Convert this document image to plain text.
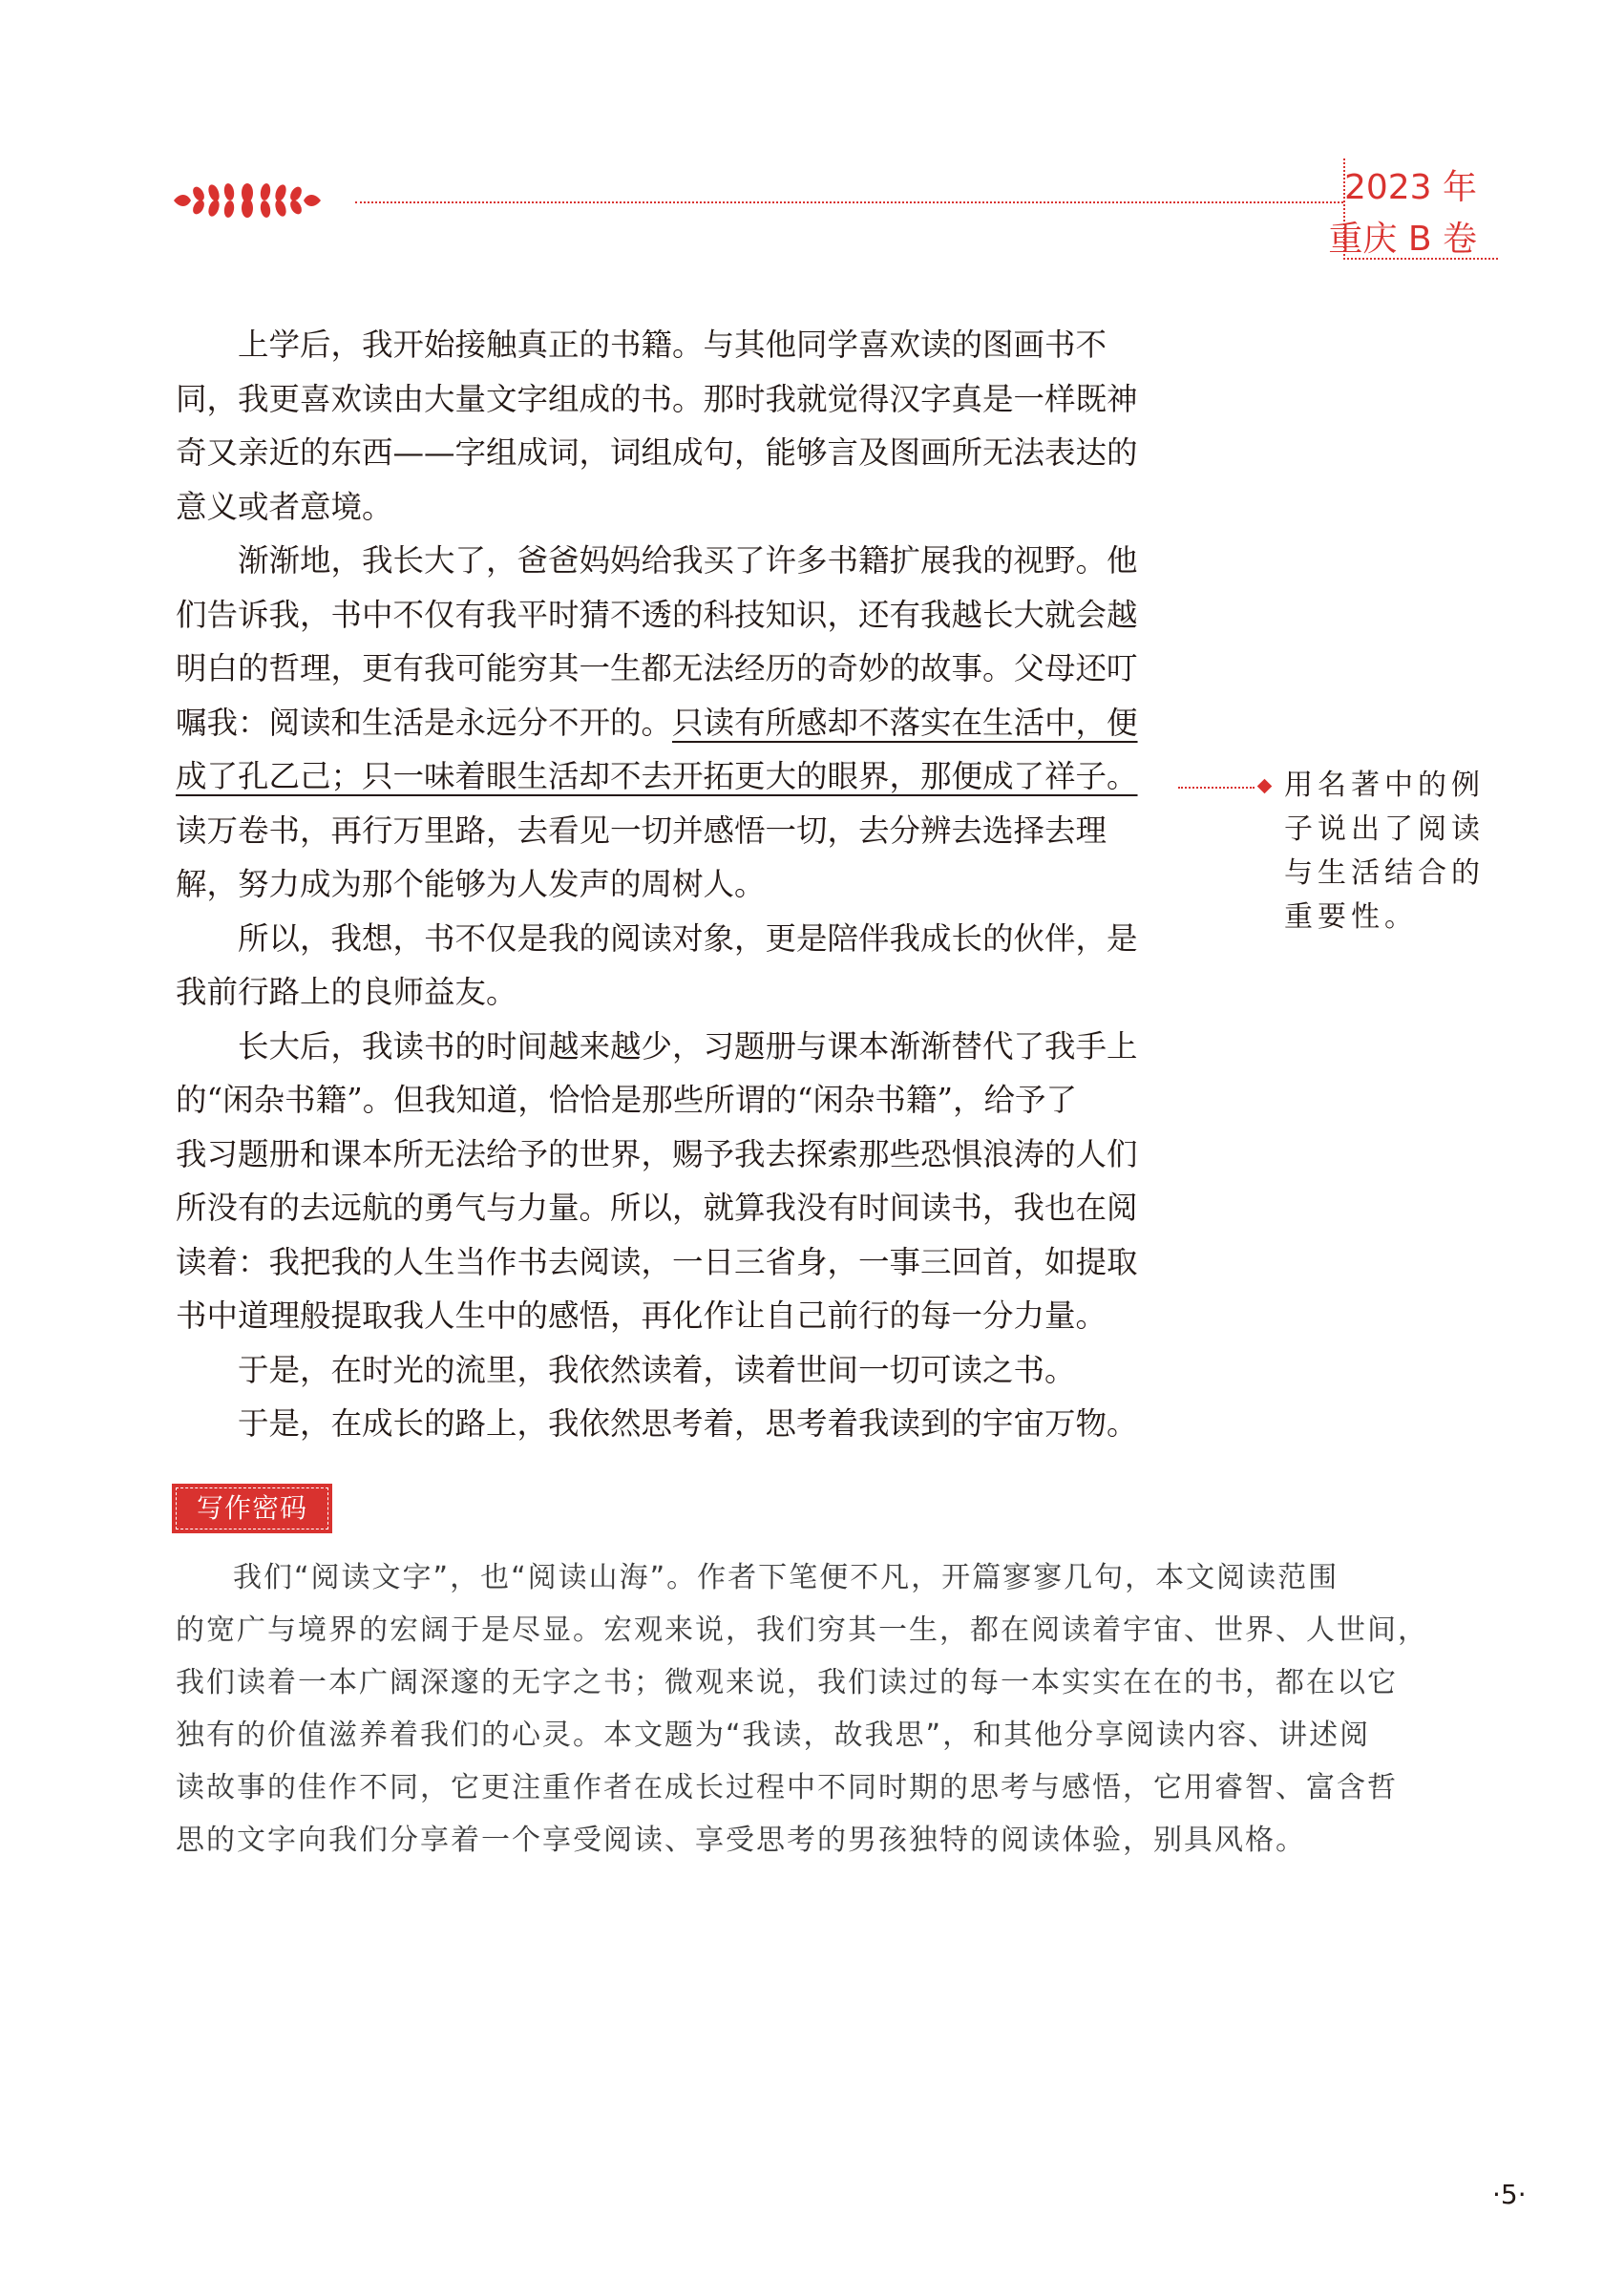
2023 年
重庆 B 卷

上学后，我开始接触真正的书籍。与其他同学喜欢读的图画书不

同，我更喜欢读由大量文字组成的书。那时我就觉得汉字真是一样既神

奇又亲近的东西——字组成词，词组成句，能够言及图画所无法表达的

意义或者意境。

渐渐地，我长大了，爸爸妈妈给我买了许多书籍扩展我的视野。他

们告诉我，书中不仅有我平时猜不透的科技知识，还有我越长大就会越

明白的哲理，更有我可能穷其一生都无法经历的奇妙的故事。父母还叮

嘱我：阅读和生活是永远分不开的。只读有所感却不落实在生活中，便

成了孔乙己；只一味着眼生活却不去开拓更大的眼界，那便成了祥子。

读万卷书，再行万里路，去看见一切并感悟一切，去分辨去选择去理

解，努力成为那个能够为人发声的周树人。

所以，我想，书不仅是我的阅读对象，更是陪伴我成长的伙伴，是

我前行路上的良师益友。

长大后，我读书的时间越来越少，习题册与课本渐渐替代了我手上

的“闲杂书籍”。但我知道，恰恰是那些所谓的“闲杂书籍”，给予了

我习题册和课本所无法给予的世界，赐予我去探索那些恐惧浪涛的人们

所没有的去远航的勇气与力量。所以，就算我没有时间读书，我也在阅

读着：我把我的人生当作书去阅读，一日三省身，一事三回首，如提取

书中道理般提取我人生中的感悟，再化作让自己前行的每一分力量。

于是，在时光的流里，我依然读着，读着世间一切可读之书。

于是，在成长的路上，我依然思考着，思考着我读到的宇宙万物。

用名著中的例
子说出了阅读
与生活结合的
重要性。
写作密码

我们“阅读文字”，也“阅读山海”。作者下笔便不凡，开篇寥寥几句，本文阅读范围

的宽广与境界的宏阔于是尽显。宏观来说，我们穷其一生，都在阅读着宇宙、世界、人世间，

我们读着一本广阔深邃的无字之书；微观来说，我们读过的每一本实实在在的书，都在以它

独有的价值滋养着我们的心灵。本文题为“我读，故我思”，和其他分享阅读内容、讲述阅

读故事的佳作不同，它更注重作者在成长过程中不同时期的思考与感悟，它用睿智、富含哲

思的文字向我们分享着一个享受阅读、享受思考的男孩独特的阅读体验，别具风格。

·5·
